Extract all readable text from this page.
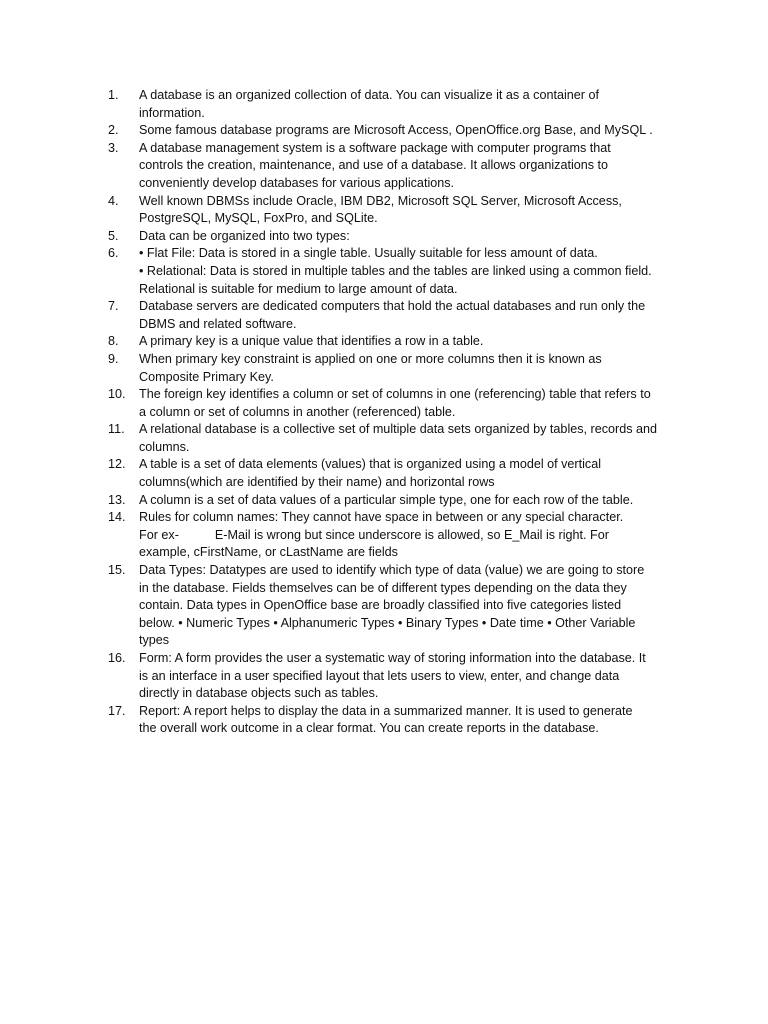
1.	A database is an organized collection of data. You can visualize it as a container of
information.
2.	Some famous database programs are Microsoft Access, OpenOffice.org Base, and MySQL .
3.	A database management system is a software package with computer programs that
controls the creation, maintenance, and use of a database. It allows organizations to
conveniently develop databases for various applications.
4.	Well known DBMSs include Oracle, IBM DB2, Microsoft SQL Server, Microsoft Access,
PostgreSQL, MySQL, FoxPro, and SQLite.
5.	Data can be organized into two types:
6.	• Flat File: Data is stored in a single table. Usually suitable for less amount of data.
• Relational: Data is stored in multiple tables and the tables are linked using a common field.
Relational is suitable for medium to large amount of data.
7.	Database servers are dedicated computers that hold the actual databases and run only the
DBMS and related software.
8.	A primary key is a unique value that identifies a row in a table.
9.	When primary key constraint is applied on one or more columns then it is known as
Composite Primary Key.
10.	The foreign key identifies a column or set of columns in one (referencing) table that refers to
a column or set of columns in another (referenced) table.
11.	A relational database is a collective set of multiple data sets organized by tables, records and
columns.
12.	A table is a set of data elements (values) that is organized using a model of vertical
columns(which are identified by their name) and horizontal rows
13.	A column is a set of data values of a particular simple type, one for each row of the table.
14.	Rules for column names: They cannot have space in between or any special character.
For ex-	E-Mail is wrong but since underscore is allowed, so E_Mail is right. For
example, cFirstName, or cLastName are fields
15.	Data Types: Datatypes are used to identify which type of data (value) we are going to store
in the database. Fields themselves can be of different types depending on the data they
contain. Data types in OpenOffice base are broadly classified into five categories listed
below. • Numeric Types • Alphanumeric Types • Binary Types • Date time • Other Variable
types
16.	Form: A form provides the user a systematic way of storing information into the database. It
is an interface in a user specified layout that lets users to view, enter, and change data
directly in database objects such as tables.
17.	Report: A report helps to display the data in a summarized manner. It is used to generate
the overall work outcome in a clear format. You can create reports in the database.
